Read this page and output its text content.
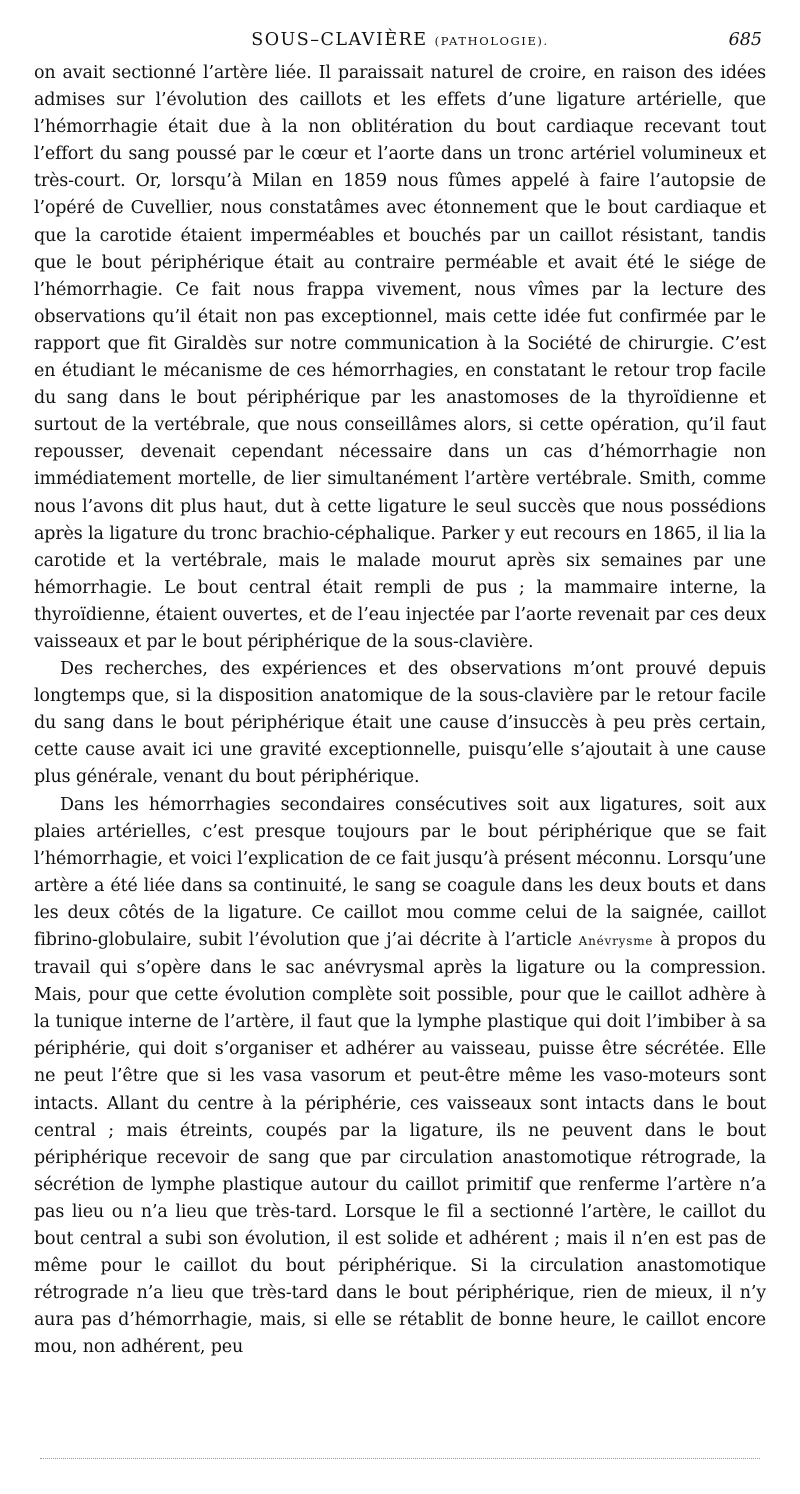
SOUS–CLAVIÈRE (PATHOLOGIE).	685

on avait sectionné l’artère liée. Il paraissait naturel de croire, en raison des idées admises sur l’évolution des caillots et les effets d’une ligature artérielle, que l’hémorrhagie était due à la non oblitération du bout cardiaque recevant tout l’effort du sang poussé par le cœur et l’aorte dans un tronc artériel volumineux et très-court. Or, lorsqu’à Milan en 1859 nous fûmes appelé à faire l’autopsie de l’opéré de Cuvellier, nous constatâmes avec étonnement que le bout cardiaque et que la carotide étaient imperméables et bouchés par un caillot résistant, tandis que le bout périphérique était au contraire perméable et avait été le siége de l’hémorrhagie. Ce fait nous frappa vivement, nous vîmes par la lecture des observations qu’il était non pas exceptionnel, mais cette idée fut confirmée par le rapport que fit Giraldès sur notre communication à la Société de chirurgie. C’est en étudiant le mécanisme de ces hémorrhagies, en constatant le retour trop facile du sang dans le bout périphérique par les anastomoses de la thyroïdienne et surtout de la vertébrale, que nous conseillâmes alors, si cette opération, qu’il faut repousser, devenait cependant nécessaire dans un cas d’hémorrhagie non immédiatement mortelle, de lier simultanément l’artère vertébrale. Smith, comme nous l’avons dit plus haut, dut à cette ligature le seul succès que nous possédions après la ligature du tronc brachio-céphalique. Parker y eut recours en 1865, il lia la carotide et la vertébrale, mais le malade mourut après six semaines par une hémorrhagie. Le bout central était rempli de pus ; la mammaire interne, la thyroïdienne, étaient ouvertes, et de l’eau injectée par l’aorte revenait par ces deux vaisseaux et par le bout périphérique de la sous-clavière.

Des recherches, des expériences et des observations m’ont prouvé depuis longtemps que, si la disposition anatomique de la sous-clavière par le retour facile du sang dans le bout périphérique était une cause d’insuccès à peu près certain, cette cause avait ici une gravité exceptionnelle, puisqu’elle s’ajoutait à une cause plus générale, venant du bout périphérique.

Dans les hémorrhagies secondaires consécutives soit aux ligatures, soit aux plaies artérielles, c’est presque toujours par le bout périphérique que se fait l’hémorrhagie, et voici l’explication de ce fait jusqu’à présent méconnu. Lorsqu’une artère a été liée dans sa continuité, le sang se coagule dans les deux bouts et dans les deux côtés de la ligature. Ce caillot mou comme celui de la saignée, caillot fibrino-globulaire, subit l’évolution que j’ai décrite à l’article Anévrysme à propos du travail qui s’opère dans le sac anévrysmal après la ligature ou la compression. Mais, pour que cette évolution complète soit possible, pour que le caillot adhère à la tunique interne de l’artère, il faut que la lymphe plastique qui doit l’imbiber à sa périphérie, qui doit s’organiser et adhérer au vaisseau, puisse être sécrétée. Elle ne peut l’être que si les vasa vasorum et peut-être même les vaso-moteurs sont intacts. Allant du centre à la périphérie, ces vaisseaux sont intacts dans le bout central ; mais étreints, coupés par la ligature, ils ne peuvent dans le bout périphérique recevoir de sang que par circulation anastomotique rétrograde, la sécrétion de lymphe plastique autour du caillot primitif que renferme l’artère n’a pas lieu ou n’a lieu que très-tard. Lorsque le fil a sectionné l’artère, le caillot du bout central a subi son évolution, il est solide et adhérent ; mais il n’en est pas de même pour le caillot du bout périphérique. Si la circulation anastomotique rétrograde n’a lieu que très-tard dans le bout périphérique, rien de mieux, il n’y aura pas d’hémorrhagie, mais, si elle se rétablit de bonne heure, le caillot encore mou, non adhérent, peu
